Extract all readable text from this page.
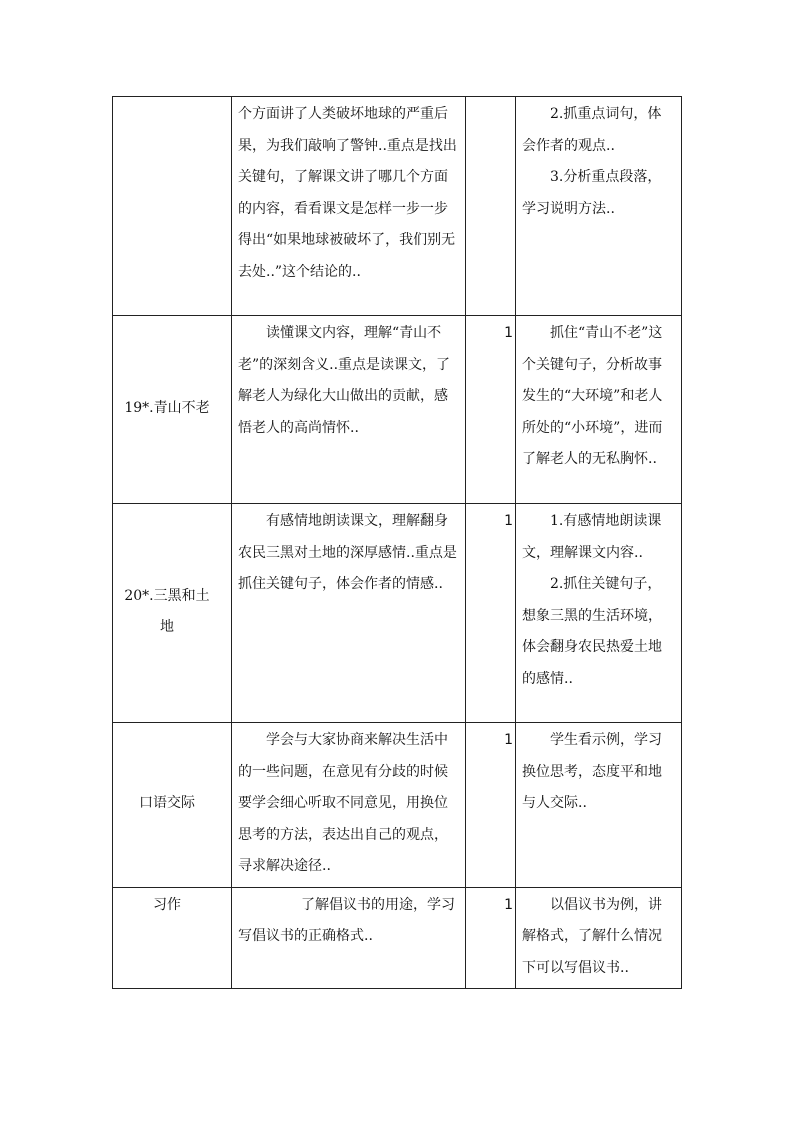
	个方面讲了人类破坏地球的严重后果，为我们敲响了警钟..重点是找出关键句，了解课文讲了哪几个方面的内容，看看课文是怎样一步一步得出“如果地球被破坏了，我们别无去处..”这个结论的..		2.抓重点词句，体会作者的观点..

3.分析重点段落，学习说明方法..

19*.青山不老	读懂课文内容，理解“青山不老”的深刻含义..重点是读课文，了解老人为绿化大山做出的贡献，感悟老人的高尚情怀..	1	抓住“青山不老”这个关键句子，分析故事发生的“大环境”和老人所处的“小环境”，进而了解老人的无私胸怀..

20*.三黑和土地	有感情地朗读课文，理解翻身农民三黑对土地的深厚感情..重点是抓住关键句子，体会作者的情感..	1	1.有感情地朗读课文，理解课文内容..

2.抓住关键句子，想象三黑的生活环境，体会翻身农民热爱土地的感情..

口语交际	学会与大家协商来解决生活中的一些问题，在意见有分歧的时候要学会细心听取不同意见，用换位思考的方法，表达出自己的观点，寻求解决途径..	1	学生看示例，学习换位思考，态度平和地与人交际..

习作	了解倡议书的用途，学习写倡议书的正确格式..	1	以倡议书为例，讲解格式，了解什么情况下可以写倡议书..
